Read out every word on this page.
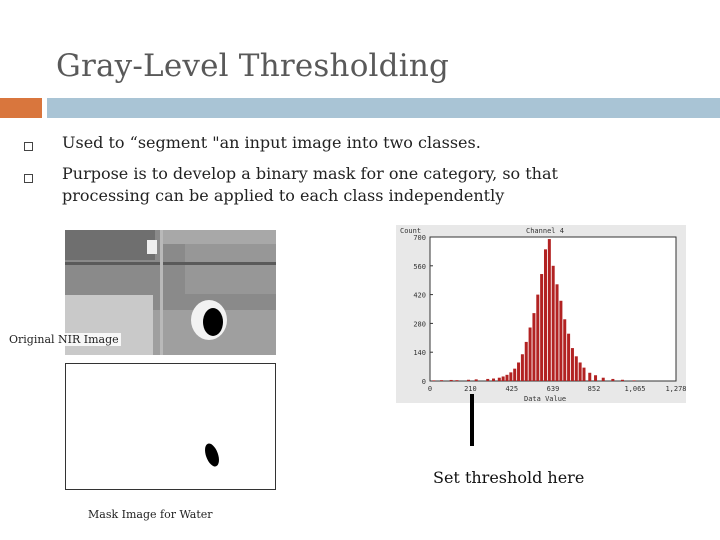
Gray-Level Thresholding
Used to “segment "an input image into two classes.
Purpose is to develop a binary mask for one category, so that processing can be applied to each class independently
Original NIR Image
Mask Image for Water
Count	Channel 4
Data Value
700
560
420
280
140
0
0	210	425	639	852	1,065	1,278
Set threshold here
